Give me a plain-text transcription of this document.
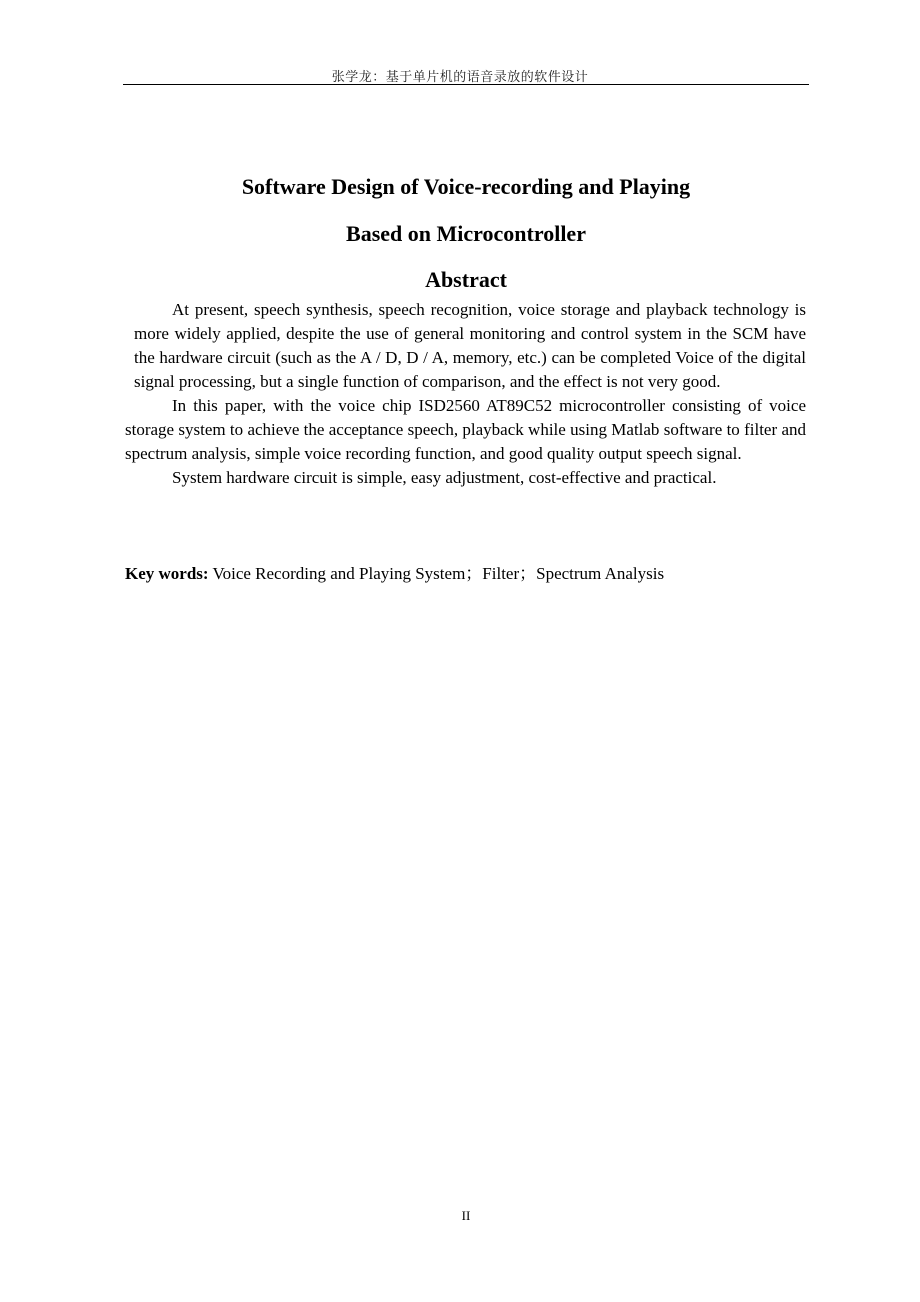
张学龙：基于单片机的语音录放的软件设计
Software Design of Voice-recording and Playing
Based on Microcontroller
Abstract

At present, speech synthesis, speech recognition, voice storage and playback technology is more widely applied, despite the use of general monitoring and control system in the SCM have the hardware circuit (such as the A / D, D / A, memory, etc.) can be completed Voice of the digital signal processing, but a single function of comparison, and the effect is not very good.

In this paper, with the voice chip ISD2560 AT89C52 microcontroller consisting of voice storage system to achieve the acceptance speech, playback while using Matlab software to filter and spectrum analysis, simple voice recording function, and good quality output speech signal.

System hardware circuit is simple, easy adjustment, cost-effective and practical.

Key words: Voice Recording and Playing System；Filter；Spectrum Analysis
II
